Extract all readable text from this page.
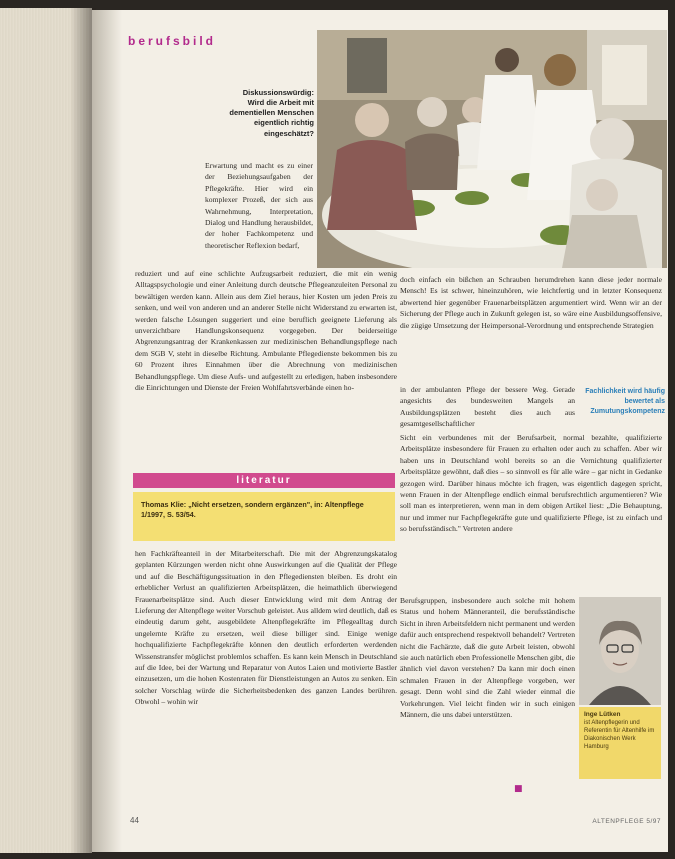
berufsbild
Diskussionswürdig:
Wird die Arbeit mit dementiellen Menschen eigentlich richtig eingeschätzt?

Erwartung und macht es zu einer der Beziehungsaufgaben der Pflegekräfte. Hier wird ein komplexer Prozeß, der sich aus Wahrnehmung, Interpretation, Dialog und Handlung herausbildet, der hoher Fachkompetenz und theoretischer Reflexion bedarf,

reduziert und auf eine schlichte Aufzugsarbeit reduziert, die mit ein wenig Alltagspsychologie und einer Anleitung durch deutsche Pflegeanzuleiten Personal zu bewältigen werden kann. Allein aus dem Ziel heraus, hier Kosten um jeden Preis zu senken, und weil von anderen und an anderer Stelle nicht Widerstand zu erwarten ist, werden falsche Lösungen suggeriert und eine beruflich geeignete Lieferung als unverzichtbare Handlungskonsequenz vorgegeben. Der beiderseitige Abgrenzungsantrag der Krankenkassen zur medizinischen Behandlungspflege nach dem SGB V, steht in dieselbe Richtung. Ambulante Pflegedienste bekommen bis zu 60 Prozent ihres Einnahmen über die Abrechnung von medizinischen Behandlungspflege. Um diese Aufs- und aufgestellt zu erledigen, haben insbesondere die Einrichtungen und Dienste der Freien Wohlfahrtsverbände einen ho-

literatur
Thomas Klie: „Nicht ersetzen, sondern ergänzen", in: Altenpflege 1/1997, S. 53/54.

hen Fachkräfteanteil in der Mitarbeiterschaft. Die mit der Abgrenzungskatalog geplanten Kürzungen werden nicht ohne Auswirkungen auf die Qualität der Pflege und auf die Beschäftigungssituation in den Pflegediensten bleiben. Es droht ein erheblicher Verlust an qualifizierten Arbeitsplätzen, die heimathlich überwiegend Frauenarbeitsplätze sind. Auch dieser Entwicklung wird mit dem Antrag der Lieferung der Altenpflege weiter Vorschub geleistet. Aus alldem wird deutlich, daß es eindeutig darum geht, ausgebildete Altenpflegekräfte im Pflegealltag durch ungelernte Kräfte zu ersetzen, weil diese billiger sind. Einige wenige hochqualifizierte Fachpflegekräfte können den deutlich erforderten werdenden Wissenstransfer möglichst problemlos schaffen. Es kann kein Mensch in Deutschland auf die Idee, bei der Wartung und Reparatur von Autos Laien und motivierte Bastler einzusetzen, um die hohen Kostenraten für Dienstleistungen an Autos zu senken. Ein solcher Vorschlag würde die Sicherheitsbedenken des ganzen Landes berühren. Obwohl – wohin wir

doch einfach ein bißchen an Schrauben herumdrehen kann diese jeder normale Mensch! Es ist schwer, hineinzuhören, wie leichtfertig und in letzter Konsequenz abwertend hier gegenüber Frauenarbeitsplätzen argumentiert wird. Wenn wir an der Sicherung der Pflege auch in Zukunft gelegen ist, so wäre eine Ausbildungsoffensive, die zügige Umsetzung der Heimpersonal-Verordnung und entsprechende Strategien

Fachlichkeit wird häufig bewertet als Zumutungskompetenz

in der ambulanten Pflege der bessere Weg. Gerade angesichts des bundesweiten Mangels an Ausbildungsplätzen besteht dies auch aus gesamtgesellschaftlicher

Sicht ein verbundenes mit der Berufsarbeit, normal bezahlte, qualifizierte Arbeitsplätze insbesondere für Frauen zu erhalten oder auch zu schaffen. Aber wir haben uns in Deutschland wohl bereits so an die Vernichtung qualifizierter Arbeitsplätze gewöhnt, daß dies – so sinnvoll es für alle wäre – gar nicht in Gedanke gezogen wird. Darüber hinaus möchte ich fragen, was eigentlich dagegen spricht, wenn Frauen in der Altenpflege endlich einmal berufsrechtlich argumentieren? Wie soll man es interpretieren, wenn man in dem obigen Artikel liest: „Die Behauptung, nur und immer nur Fachpflegekräfte gute und qualifizierte Pflege, ist zu einfach und so berufsständisch." Vertreten andere

Berufsgruppen, insbesondere auch solche mit hohem Status und hohem Männeranteil, die berufsständische Sicht in ihren Arbeitsfeldern nicht permanent und werden dafür auch entsprechend respektvoll behandelt? Vertreten nicht die Fachärzte, daß die gute Arbeit leisten, obwohl sie auch natürlich eben Professionelle Menschen gibt, die ähnlich viel davon verstehen? Da kann mir doch einen schmalen Frauen in der Altenpflege vorgeben, wer gesagt. Denn wohl sind die Zahl wieder einmal die Vorkehrungen. Viel leicht finden wir in such einigen Männern, die uns dabei unterstützen.	Inge Lütken
ist Altenpflegerin und Referentin für Altenhilfe im Diakonischen Werk Hamburg
■
44	ALTENPFLEGE 5/97
